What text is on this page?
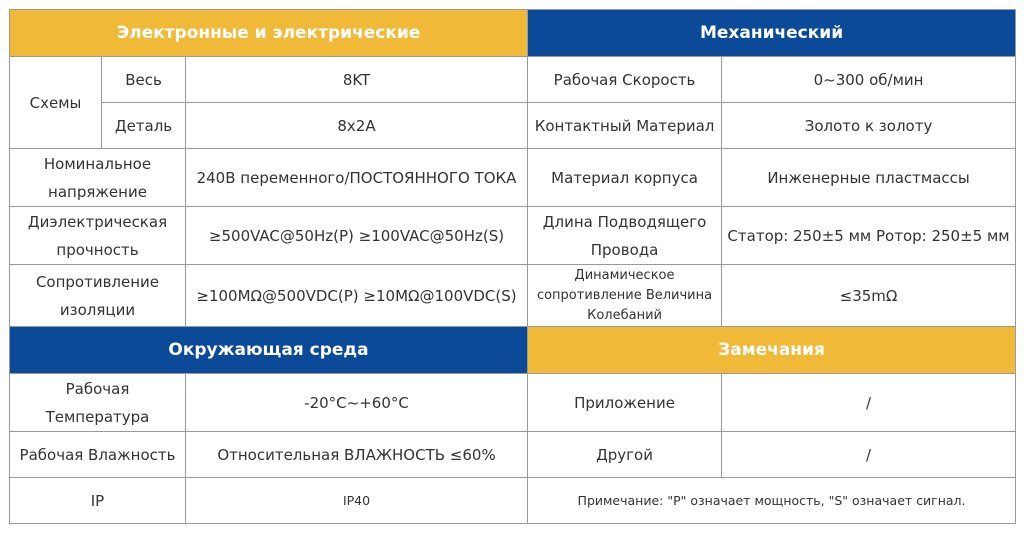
Электронные и электрические			Механический	
Схемы	Весь	8KT	Рабочая Скорость	0~300 об/мин
	Деталь	8x2A	Контактный Материал	Золото к золоту
Номинальное напряжение		240В переменного/ПОСТОЯННОГО ТОКА	Материал корпуса	Инженерные пластмассы
Диэлектрическая прочность		≥500VAC@50Hz(P) ≥100VAC@50Hz(S)	Длина Подводящего Провода	Статор: 250±5 мм Ротор: 250±5 мм
Сопротивление изоляции		≥100MΩ@500VDC(P) ≥10MΩ@100VDC(S)	Динамическое сопротивление Величина Колебаний	≤35mΩ
Окружающая среда			Замечания	
Рабочая Температура		-20°C~+60°C	Приложение	/
Рабочая Влажность		Относительная ВЛАЖНОСТЬ ≤60%	Другой	/
IP		IP40	Примечание: "P" означает мощность, "S" означает сигнал.	
